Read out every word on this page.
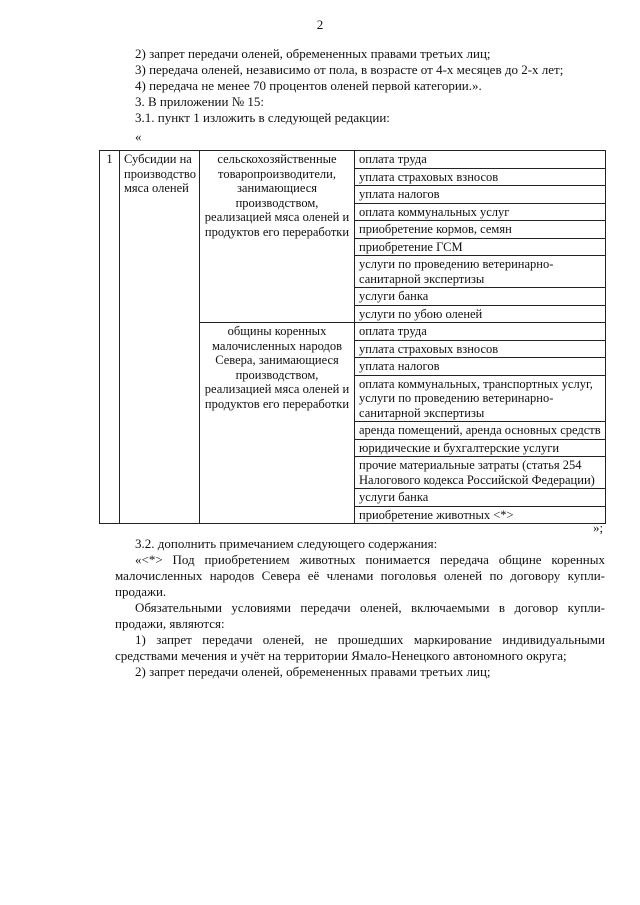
2

2) запрет передачи оленей, обремененных правами третьих лиц;

3) передача оленей, независимо от пола, в возрасте от 4-х месяцев до 2-х лет;

4) передача не менее 70 процентов оленей первой категории.».

3. В приложении № 15:

3.1. пункт 1 изложить в следующей редакции:

«
1	Субсидии на производство мяса оленей	сельскохозяйственные товаропроизводители, занимающиеся производством, реализацией мяса оленей и продуктов его переработки	оплата труда
			уплата страховых взносов
			уплата налогов
			оплата коммунальных услуг
			приобретение кормов, семян
			приобретение ГСМ
			услуги по проведению ветеринарно-санитарной экспертизы
			услуги банка
			услуги по убою оленей
		общины коренных малочисленных народов Севера, занимающиеся производством, реализацией мяса оленей и продуктов его переработки	оплата труда
			уплата страховых взносов
			уплата налогов
			оплата коммунальных, транспортных услуг, услуги по проведению ветеринарно-санитарной экспертизы
			аренда помещений, аренда основных средств
			юридические и бухгалтерские услуги
			прочие материальные затраты (статья 254 Налогового кодекса Российской Федерации)
			услуги банка
			приобретение животных <*>
»;

3.2. дополнить примечанием следующего содержания:

«<*> Под приобретением животных понимается передача общине коренных малочисленных народов Севера её членами поголовья оленей по договору купли-продажи.

Обязательными условиями передачи оленей, включаемыми в договор купли-продажи, являются:

1) запрет передачи оленей, не прошедших маркирование индивидуальными средствами мечения и учёт на территории Ямало-Ненецкого автономного округа;

2) запрет передачи оленей, обремененных правами третьих лиц;
